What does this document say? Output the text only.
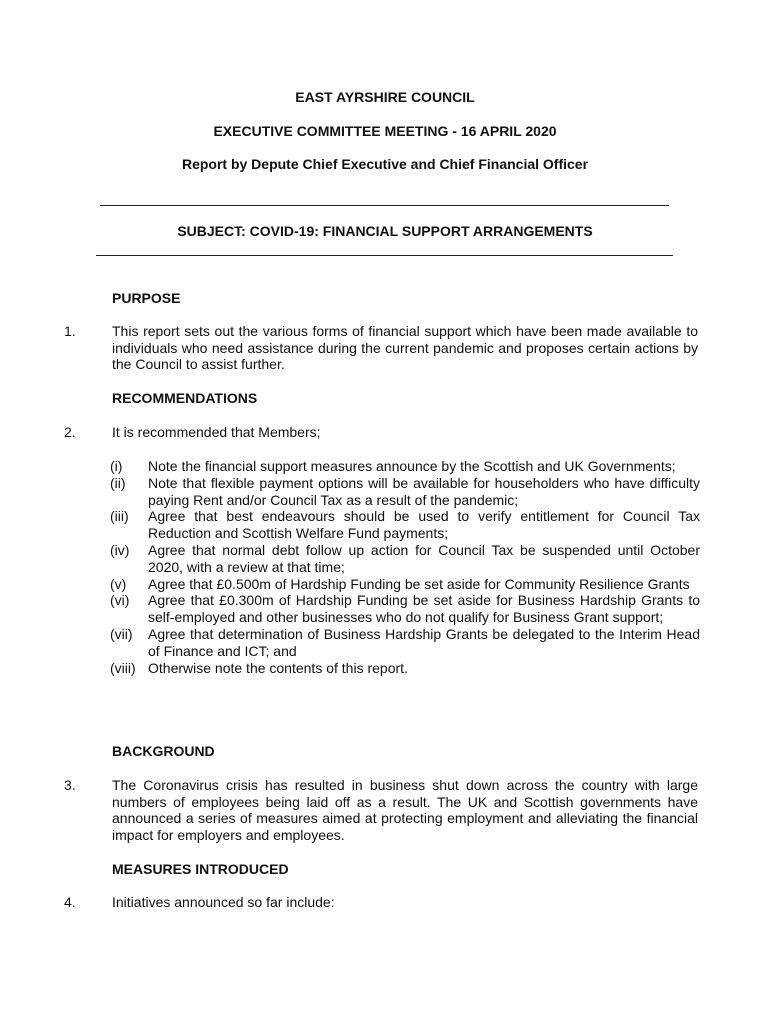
EAST AYRSHIRE COUNCIL
EXECUTIVE COMMITTEE MEETING - 16 APRIL 2020
Report by Depute Chief Executive and Chief Financial Officer
SUBJECT: COVID-19: FINANCIAL SUPPORT ARRANGEMENTS
PURPOSE
1.	This report sets out the various forms of financial support which have been made available to individuals who need assistance during the current pandemic and proposes certain actions by the Council to assist further.
RECOMMENDATIONS
2.	It is recommended that Members;
(i) Note the financial support measures announce by the Scottish and UK Governments;
(ii) Note that flexible payment options will be available for householders who have difficulty paying Rent and/or Council Tax as a result of the pandemic;
(iii) Agree that best endeavours should be used to verify entitlement for Council Tax Reduction and Scottish Welfare Fund payments;
(iv) Agree that normal debt follow up action for Council Tax be suspended until October 2020, with a review at that time;
(v) Agree that £0.500m of Hardship Funding be set aside for Community Resilience Grants
(vi) Agree that £0.300m of Hardship Funding be set aside for Business Hardship Grants to self-employed and other businesses who do not qualify for Business Grant support;
(vii) Agree that determination of Business Hardship Grants be delegated to the Interim Head of Finance and ICT; and
(viii) Otherwise note the contents of this report.
BACKGROUND
3.	The Coronavirus crisis has resulted in business shut down across the country with large numbers of employees being laid off as a result. The UK and Scottish governments have announced a series of measures aimed at protecting employment and alleviating the financial impact for employers and employees.
MEASURES INTRODUCED
4.	Initiatives announced so far include:
